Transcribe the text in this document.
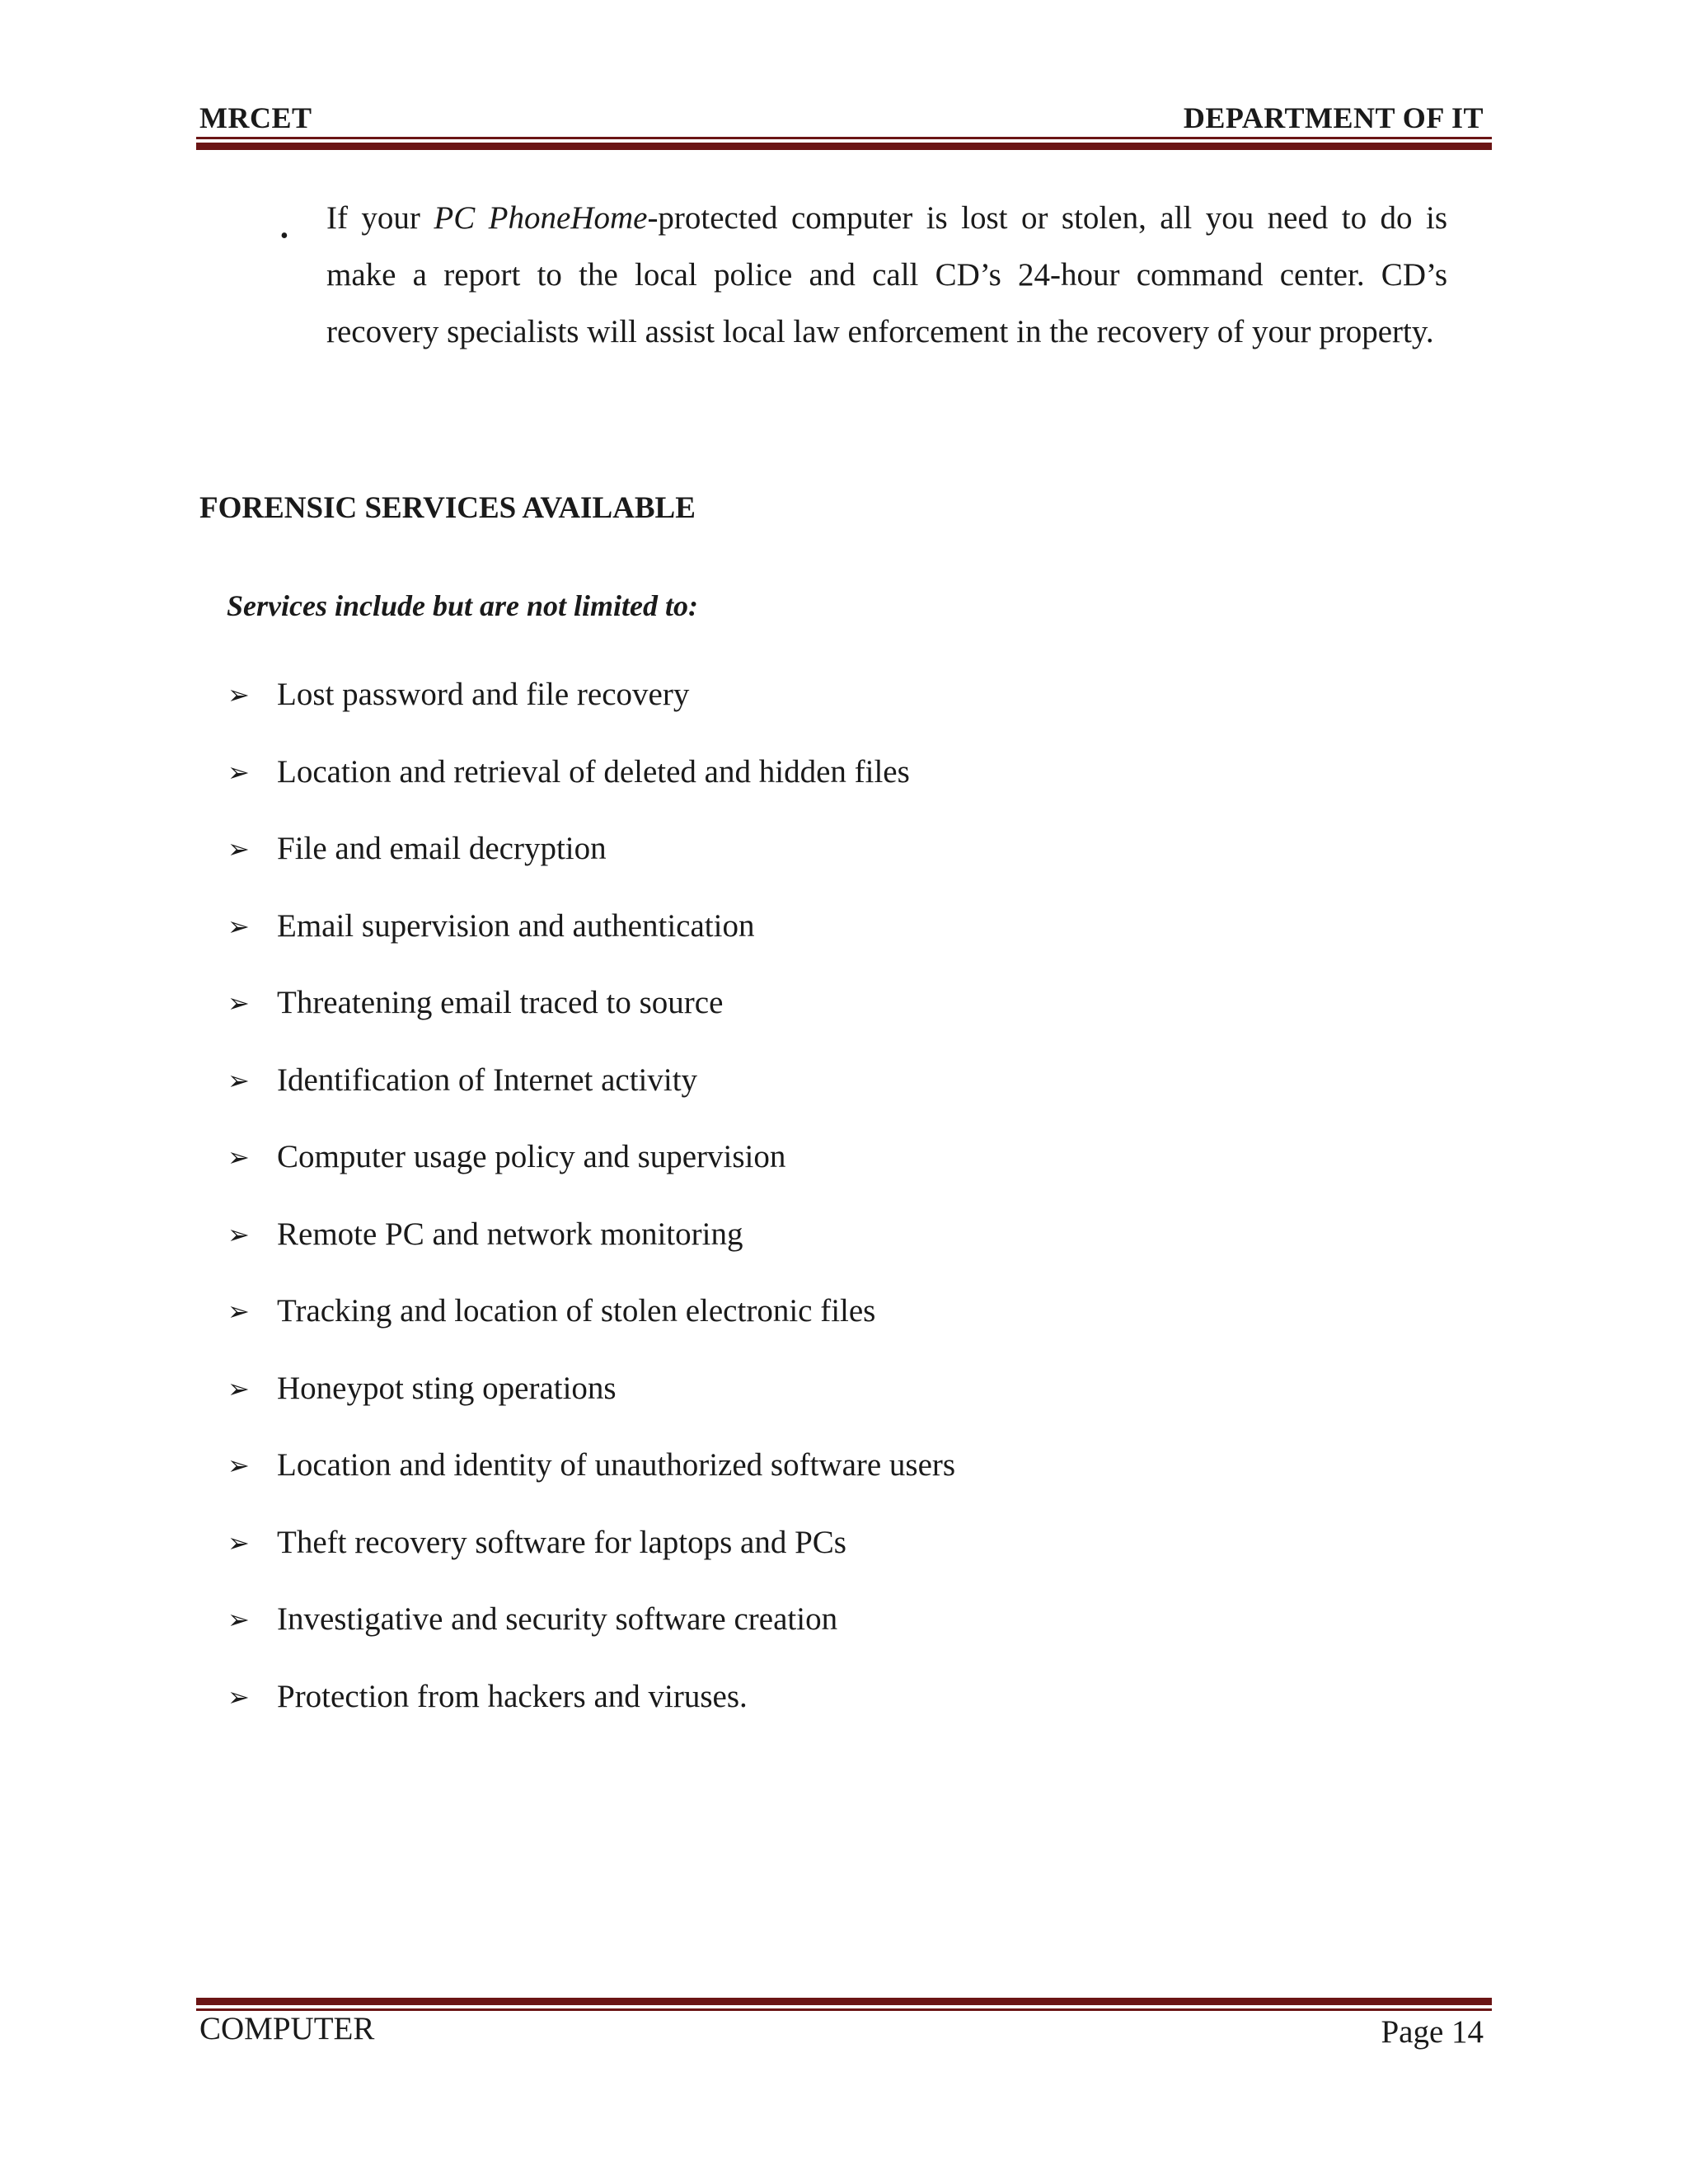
MRCET	DEPARTMENT OF IT
•

If your PC PhoneHome-protected computer is lost or stolen, all you need to do is make a report to the local police and call CD’s 24-hour command center. CD’s recovery specialists will assist local law enforcement in the recovery of your property.

FORENSIC SERVICES AVAILABLE
Services include but are not limited to:
➢ Lost password and file recovery
➢ Location and retrieval of deleted and hidden files
➢ File and email decryption
➢ Email supervision and authentication
➢ Threatening email traced to source
➢ Identification of Internet activity
➢ Computer usage policy and supervision
➢ Remote PC and network monitoring
➢ Tracking and location of stolen electronic files
➢ Honeypot sting operations
➢ Location and identity of unauthorized software users
➢ Theft recovery software for laptops and PCs
➢ Investigative and security software creation
➢ Protection from hackers and viruses.
COMPUTER	Page 14
